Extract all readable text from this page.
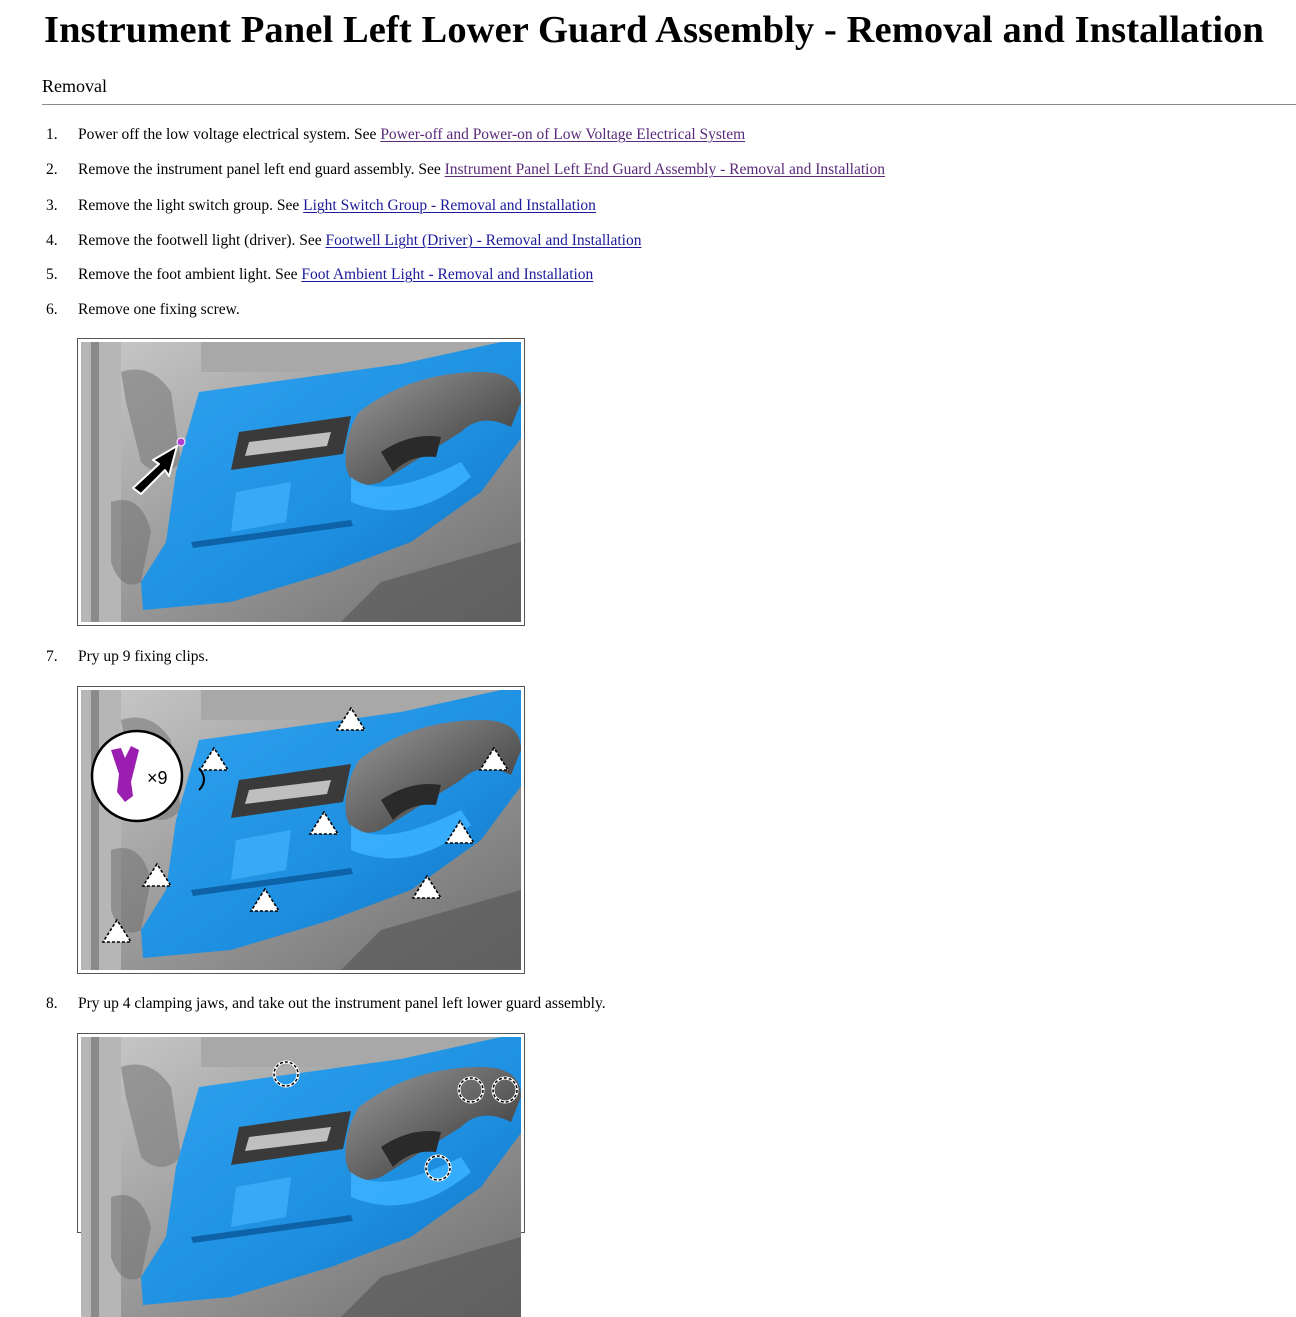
Instrument Panel Left Lower Guard Assembly - Removal and Installation
Removal
1. Power off the low voltage electrical system. See Power-off and Power-on of Low Voltage Electrical System
2. Remove the instrument panel left end guard assembly. See Instrument Panel Left End Guard Assembly - Removal and Installation
3. Remove the light switch group. See Light Switch Group - Removal and Installation
4. Remove the footwell light (driver). See Footwell Light (Driver) - Removal and Installation
5. Remove the foot ambient light. See Foot Ambient Light - Removal and Installation
6. Remove one fixing screw.
7. Pry up 9 fixing clips.
8. Pry up 4 clamping jaws, and take out the instrument panel left lower guard assembly.
×9
